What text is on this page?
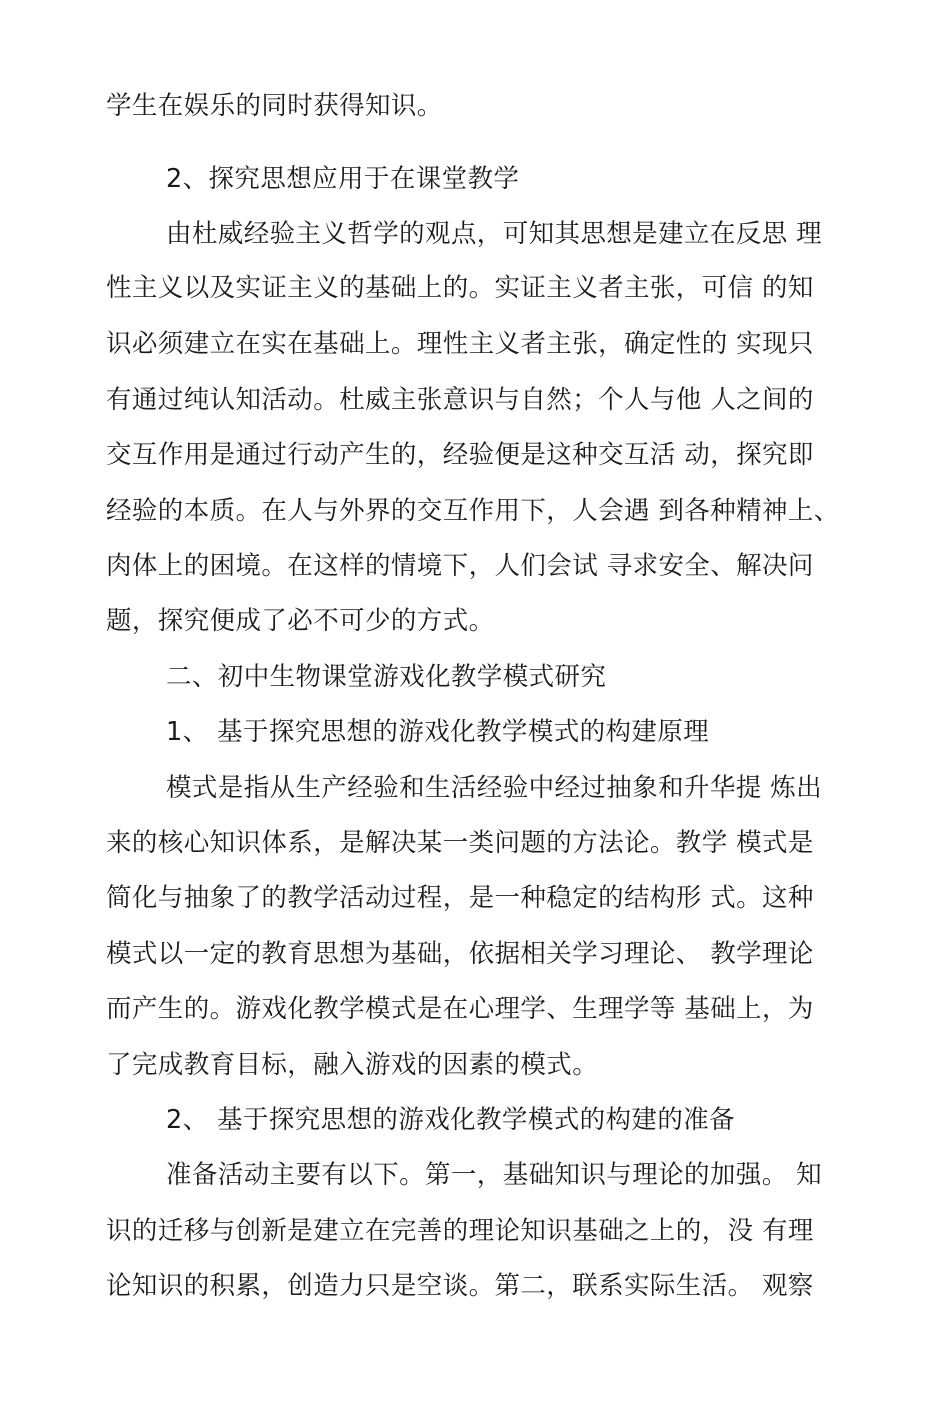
学生在娱乐的同时获得知识。
2、探究思想应用于在课堂教学
由杜威经验主义哲学的观点，可知其思想是建立在反思 理
性主义以及实证主义的基础上的。实证主义者主张，可信 的知
识必须建立在实在基础上。理性主义者主张，确定性的 实现只
有通过纯认知活动。杜威主张意识与自然；个人与他 人之间的
交互作用是通过行动产生的，经验便是这种交互活 动，探究即
经验的本质。在人与外界的交互作用下，人会遇 到各种精神上、
肉体上的困境。在这样的情境下，人们会试 寻求安全、解决问
题，探究便成了必不可少的方式。
二、初中生物课堂游戏化教学模式研究
1、 基于探究思想的游戏化教学模式的构建原理
模式是指从生产经验和生活经验中经过抽象和升华提 炼出
来的核心知识体系，是解决某一类问题的方法论。教学 模式是
简化与抽象了的教学活动过程，是一种稳定的结构形 式。这种
模式以一定的教育思想为基础，依据相关学习理论、 教学理论
而产生的。游戏化教学模式是在心理学、生理学等 基础上，为
了完成教育目标，融入游戏的因素的模式。
2、 基于探究思想的游戏化教学模式的构建的准备
准备活动主要有以下。第一，基础知识与理论的加强。 知
识的迁移与创新是建立在完善的理论知识基础之上的，没 有理
论知识的积累，创造力只是空谈。第二，联系实际生活。 观察
